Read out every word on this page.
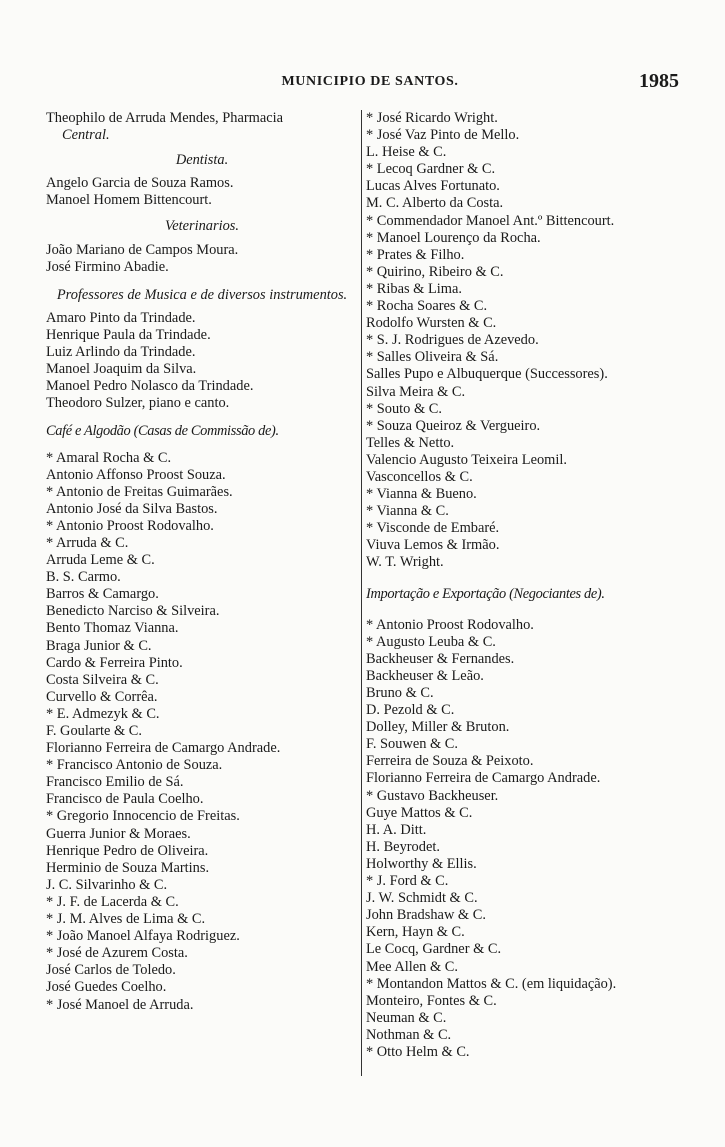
MUNICIPIO DE SANTOS.	1985
Theophilo de Arruda Mendes, Pharmacia
Central.
Dentista.
Angelo Garcia de Souza Ramos.
Manoel Homem Bittencourt.
Veterinarios.
João Mariano de Campos Moura.
José Firmino Abadie.
Professores de Musica e de diversos instrumentos.
Amaro Pinto da Trindade.
Henrique Paula da Trindade.
Luiz Arlindo da Trindade.
Manoel Joaquim da Silva.
Manoel Pedro Nolasco da Trindade.
Theodoro Sulzer, piano e canto.
Café e Algodão (Casas de Commissão de).
* Amaral Rocha & C.
Antonio Affonso Proost Souza.
* Antonio de Freitas Guimarães.
Antonio José da Silva Bastos.
* Antonio Proost Rodovalho.
* Arruda & C.
Arruda Leme & C.
B. S. Carmo.
Barros & Camargo.
Benedicto Narciso & Silveira.
Bento Thomaz Vianna.
Braga Junior & C.
Cardo & Ferreira Pinto.
Costa Silveira & C.
Curvello & Corrêa.
* E. Admezyk & C.
F. Goularte & C.
Florianno Ferreira de Camargo Andrade.
* Francisco Antonio de Souza.
Francisco Emilio de Sá.
Francisco de Paula Coelho.
* Gregorio Innocencio de Freitas.
Guerra Junior & Moraes.
Henrique Pedro de Oliveira.
Herminio de Souza Martins.
J. C. Silvarinho & C.
* J. F. de Lacerda & C.
* J. M. Alves de Lima & C.
* João Manoel Alfaya Rodriguez.
* José de Azurem Costa.
José Carlos de Toledo.
José Guedes Coelho.
* José Manoel de Arruda.
* José Ricardo Wright.
* José Vaz Pinto de Mello.
L. Heise & C.
* Lecoq Gardner & C.
Lucas Alves Fortunato.
M. C. Alberto da Costa.
* Commendador Manoel Ant.º Bittencourt.
* Manoel Lourenço da Rocha.
* Prates & Filho.
* Quirino, Ribeiro & C.
* Ribas & Lima.
* Rocha Soares & C.
Rodolfo Wursten & C.
* S. J. Rodrigues de Azevedo.
* Salles Oliveira & Sá.
Salles Pupo e Albuquerque (Successores).
Silva Meira & C.
* Souto & C.
* Souza Queiroz & Vergueiro.
Telles & Netto.
Valencio Augusto Teixeira Leomil.
Vasconcellos & C.
* Vianna & Bueno.
* Vianna & C.
* Visconde de Embaré.
Viuva Lemos & Irmão.
W. T. Wright.
Importação e Exportação (Negociantes de).
* Antonio Proost Rodovalho.
* Augusto Leuba & C.
Backheuser & Fernandes.
Backheuser & Leão.
Bruno & C.
D. Pezold & C.
Dolley, Miller & Bruton.
F. Souwen & C.
Ferreira de Souza & Peixoto.
Florianno Ferreira de Camargo Andrade.
* Gustavo Backheuser.
Guye Mattos & C.
H. A. Ditt.
H. Beyrodet.
Holworthy & Ellis.
* J. Ford & C.
J. W. Schmidt & C.
John Bradshaw & C.
Kern, Hayn & C.
Le Cocq, Gardner & C.
Mee Allen & C.
* Montandon Mattos & C. (em liquidação).
Monteiro, Fontes & C.
Neuman & C.
Nothman & C.
* Otto Helm & C.
